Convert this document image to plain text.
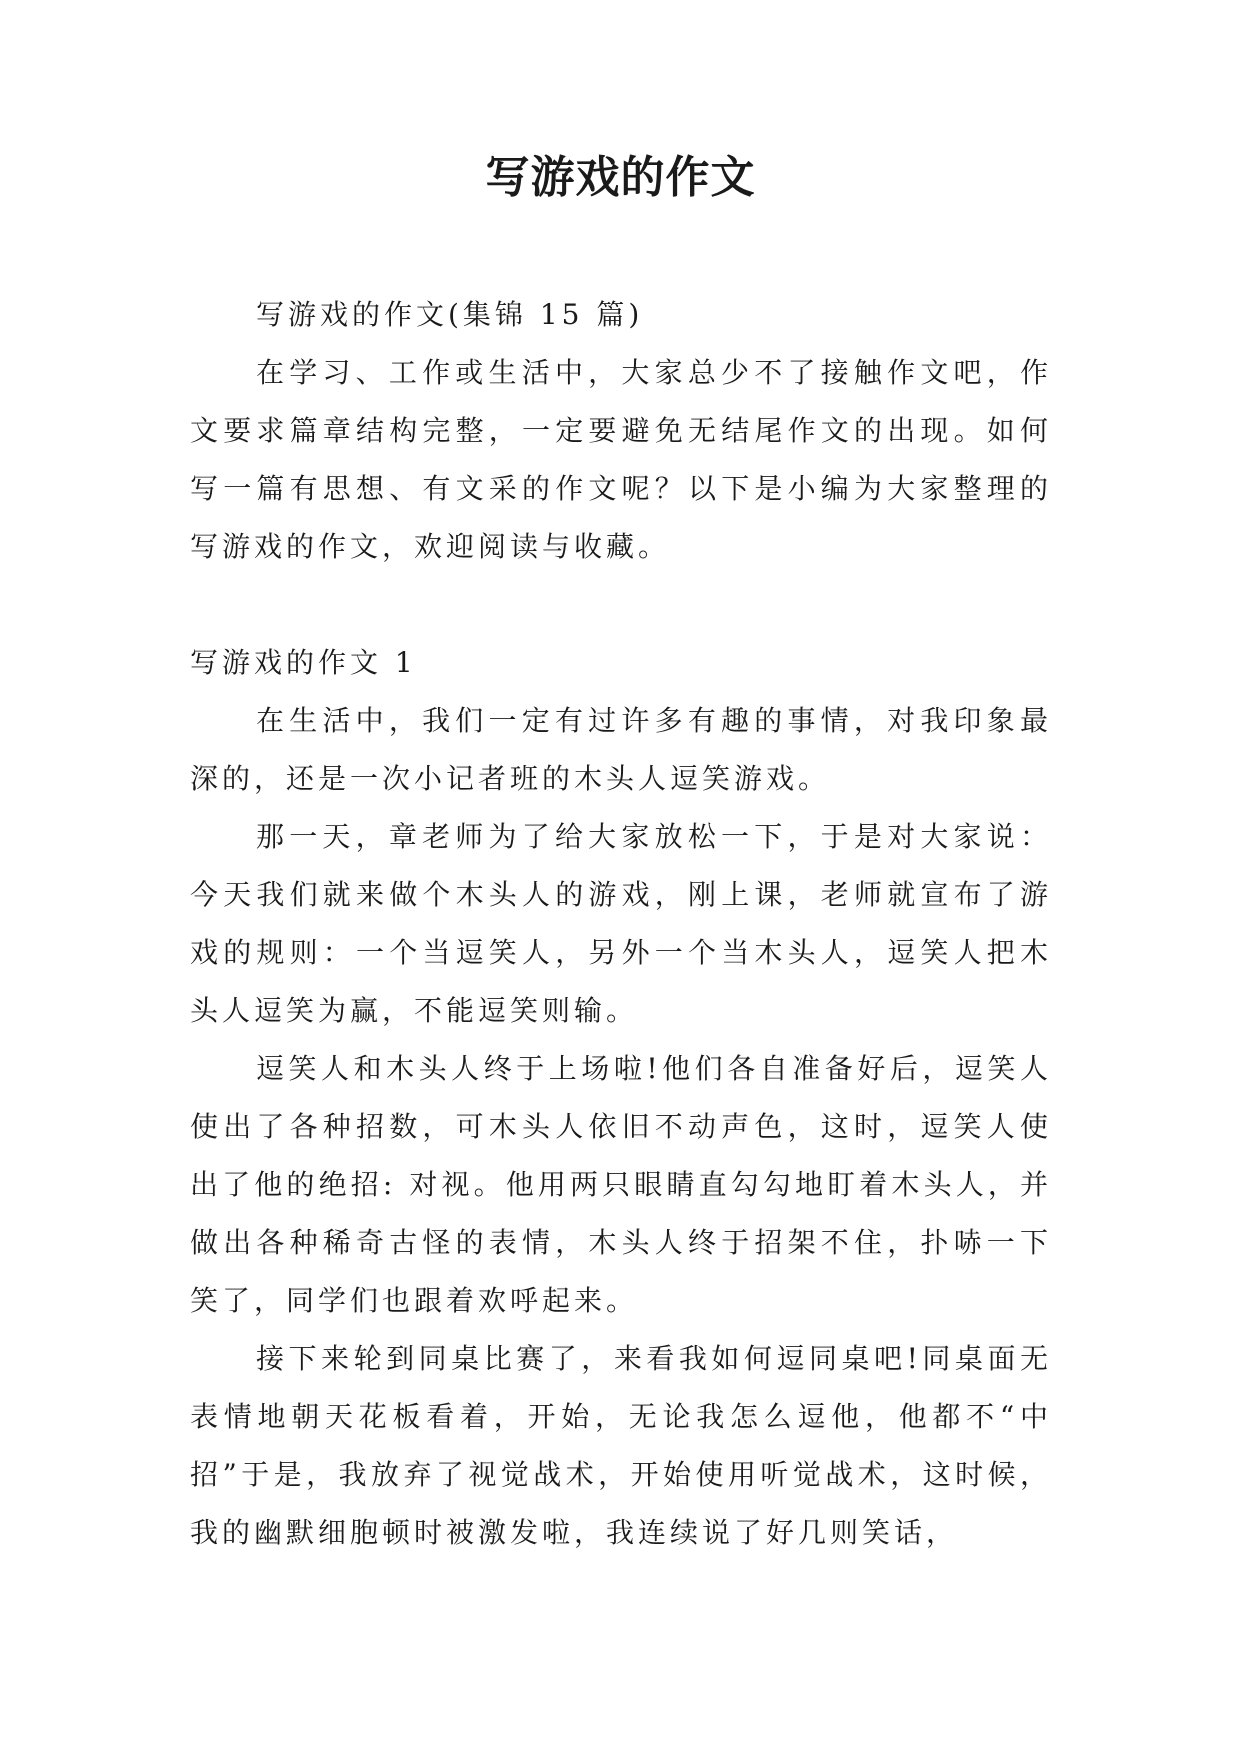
写游戏的作文

写游戏的作文(集锦 15 篇)

在学习、工作或生活中，大家总少不了接触作文吧，作文要求篇章结构完整，一定要避免无结尾作文的出现。如何写一篇有思想、有文采的作文呢？以下是小编为大家整理的写游戏的作文，欢迎阅读与收藏。

写游戏的作文 1

在生活中，我们一定有过许多有趣的事情，对我印象最深的，还是一次小记者班的木头人逗笑游戏。

那一天，章老师为了给大家放松一下，于是对大家说：今天我们就来做个木头人的游戏，刚上课，老师就宣布了游戏的规则：一个当逗笑人，另外一个当木头人，逗笑人把木头人逗笑为赢，不能逗笑则输。

逗笑人和木头人终于上场啦!他们各自准备好后，逗笑人使出了各种招数，可木头人依旧不动声色，这时，逗笑人使出了他的绝招: 对视。他用两只眼睛直勾勾地盯着木头人，并做出各种稀奇古怪的表情，木头人终于招架不住，扑哧一下笑了，同学们也跟着欢呼起来。

接下来轮到同桌比赛了，来看我如何逗同桌吧!同桌面无表情地朝天花板看着，开始，无论我怎么逗他，他都不“中招”于是，我放弃了视觉战术，开始使用听觉战术，这时候，我的幽默细胞顿时被激发啦，我连续说了好几则笑话，
